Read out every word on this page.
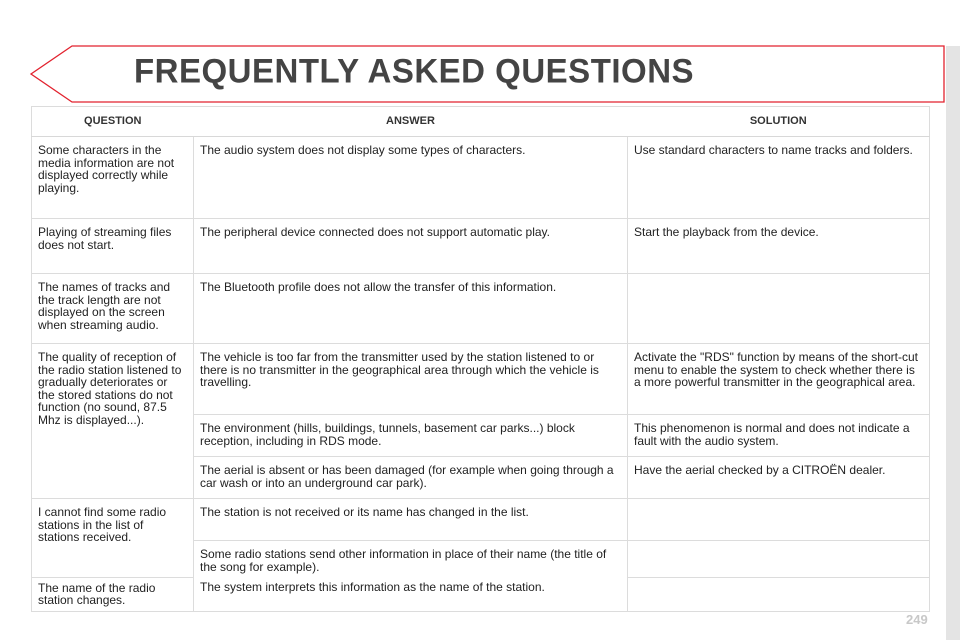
FREQUENTLY ASKED QUESTIONS
QUESTION	ANSWER	SOLUTION
Some characters in the media information are not displayed correctly while playing.	The audio system does not display some types of characters.	Use standard characters to name tracks and folders.
Playing of streaming files does not start.	The peripheral device connected does not support automatic play.	Start the playback from the device.
The names of tracks and the track length are not displayed on the screen when streaming audio.	The Bluetooth profile does not allow the transfer of this information.	
The quality of reception of the radio station listened to gradually deteriorates or the stored stations do not function (no sound, 87.5 Mhz is displayed...).	The vehicle is too far from the transmitter used by the station listened to or there is no transmitter in the geographical area through which the vehicle is travelling.	Activate the "RDS" function by means of the short-cut menu to enable the system to check whether there is a more powerful transmitter in the geographical area.
	The environment (hills, buildings, tunnels, basement car parks...) block reception, including in RDS mode.	This phenomenon is normal and does not indicate a fault with the audio system.
	The aerial is absent or has been damaged (for example when going through a car wash or into an underground car park).	Have the aerial checked by a CITROËN dealer.
I cannot find some radio stations in the list of stations received.	The station is not received or its name has changed in the list.	
	Some radio stations send other information in place of their name (the title of the song for example).	
The name of the radio station changes.	The system interprets this information as the name of the station.	
249
